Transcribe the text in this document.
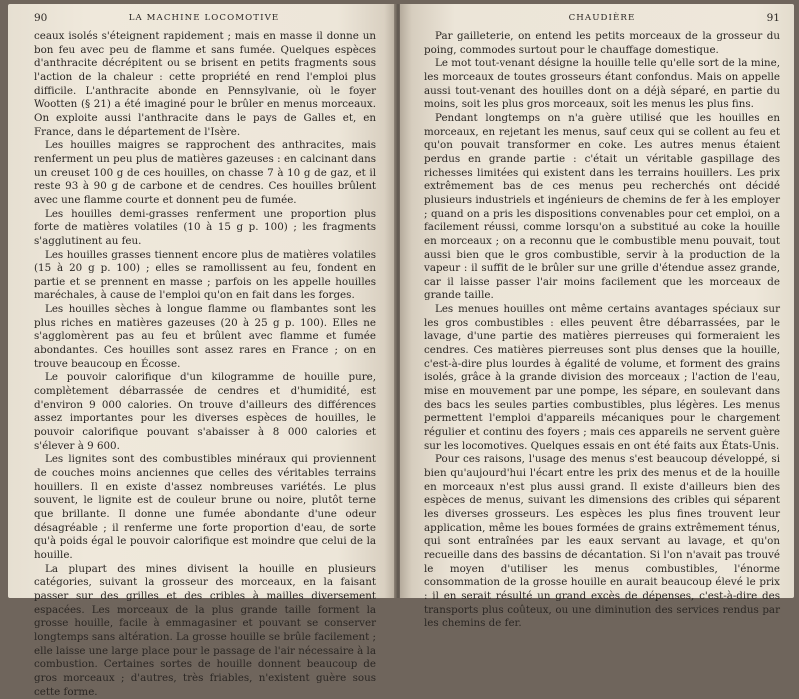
90	LA MACHINE LOCOMOTIVE

ceaux isolés s'éteignent rapidement ; mais en masse il donne un bon feu avec peu de flamme et sans fumée. Quelques espèces d'anthracite décrépitent ou se brisent en petits fragments sous l'action de la chaleur : cette propriété en rend l'emploi plus difficile. L'anthracite abonde en Pennsylvanie, où le foyer Wootten (§ 21) a été imaginé pour le brûler en menus morceaux. On exploite aussi l'anthracite dans le pays de Galles et, en France, dans le département de l'Isère.

Les houilles maigres se rapprochent des anthracites, mais renferment un peu plus de matières gazeuses : en calcinant dans un creuset 100 g de ces houilles, on chasse 7 à 10 g de gaz, et il reste 93 à 90 g de carbone et de cendres. Ces houilles brûlent avec une flamme courte et donnent peu de fumée.

Les houilles demi-grasses renferment une proportion plus forte de matières volatiles (10 à 15 g p. 100) ; les fragments s'agglutinent au feu.

Les houilles grasses tiennent encore plus de matières volatiles (15 à 20 g p. 100) ; elles se ramollissent au feu, fondent en partie et se prennent en masse ; parfois on les appelle houilles maréchales, à cause de l'emploi qu'on en fait dans les forges.

Les houilles sèches à longue flamme ou flambantes sont les plus riches en matières gazeuses (20 à 25 g p. 100). Elles ne s'agglomèrent pas au feu et brûlent avec flamme et fumée abondantes. Ces houilles sont assez rares en France ; on en trouve beaucoup en Écosse.

Le pouvoir calorifique d'un kilogramme de houille pure, complètement débarrassée de cendres et d'humidité, est d'environ 9 000 calories. On trouve d'ailleurs des différences assez importantes pour les diverses espèces de houilles, le pouvoir calorifique pouvant s'abaisser à 8 000 calories et s'élever à 9 600.

Les lignites sont des combustibles minéraux qui proviennent de couches moins anciennes que celles des véritables terrains houillers. Il en existe d'assez nombreuses variétés. Le plus souvent, le lignite est de couleur brune ou noire, plutôt terne que brillante. Il donne une fumée abondante d'une odeur désagréable ; il renferme une forte proportion d'eau, de sorte qu'à poids égal le pouvoir calorifique est moindre que celui de la houille.

La plupart des mines divisent la houille en plusieurs catégories, suivant la grosseur des morceaux, en la faisant passer sur des grilles et des cribles à mailles diversement espacées. Les morceaux de la plus grande taille forment la grosse houille, facile à emmagasiner et pouvant se conserver longtemps sans altération. La grosse houille se brûle facilement ; elle laisse une large place pour le passage de l'air nécessaire à la combustion. Certaines sortes de houille donnent beaucoup de gros morceaux ; d'autres, très friables, n'existent guère sous cette forme.

CHAUDIÈRE	91

Par gailleterie, on entend les petits morceaux de la grosseur du poing, commodes surtout pour le chauffage domestique.

Le mot tout-venant désigne la houille telle qu'elle sort de la mine, les morceaux de toutes grosseurs étant confondus. Mais on appelle aussi tout-venant des houilles dont on a déjà séparé, en partie du moins, soit les plus gros morceaux, soit les menus les plus fins.

Pendant longtemps on n'a guère utilisé que les houilles en morceaux, en rejetant les menus, sauf ceux qui se collent au feu et qu'on pouvait transformer en coke. Les autres menus étaient perdus en grande partie : c'était un véritable gaspillage des richesses limitées qui existent dans les terrains houillers. Les prix extrêmement bas de ces menus peu recherchés ont décidé plusieurs industriels et ingénieurs de chemins de fer à les employer ; quand on a pris les dispositions convenables pour cet emploi, on a facilement réussi, comme lorsqu'on a substitué au coke la houille en morceaux ; on a reconnu que le combustible menu pouvait, tout aussi bien que le gros combustible, servir à la production de la vapeur : il suffit de le brûler sur une grille d'étendue assez grande, car il laisse passer l'air moins facilement que les morceaux de grande taille.

Les menues houilles ont même certains avantages spéciaux sur les gros combustibles : elles peuvent être débarrassées, par le lavage, d'une partie des matières pierreuses qui formeraient les cendres. Ces matières pierreuses sont plus denses que la houille, c'est-à-dire plus lourdes à égalité de volume, et forment des grains isolés, grâce à la grande division des morceaux ; l'action de l'eau, mise en mouvement par une pompe, les sépare, en soulevant dans des bacs les seules parties combustibles, plus légères. Les menus permettent l'emploi d'appareils mécaniques pour le chargement régulier et continu des foyers ; mais ces appareils ne servent guère sur les locomotives. Quelques essais en ont été faits aux États-Unis.

Pour ces raisons, l'usage des menus s'est beaucoup développé, si bien qu'aujourd'hui l'écart entre les prix des menus et de la houille en morceaux n'est plus aussi grand. Il existe d'ailleurs bien des espèces de menus, suivant les dimensions des cribles qui séparent les diverses grosseurs. Les espèces les plus fines trouvent leur application, même les boues formées de grains extrêmement ténus, qui sont entraînées par les eaux servant au lavage, et qu'on recueille dans des bassins de décantation. Si l'on n'avait pas trouvé le moyen d'utiliser les menus combustibles, l'énorme consommation de la grosse houille en aurait beaucoup élevé le prix : il en serait résulté un grand excès de dépenses, c'est-à-dire des transports plus coûteux, ou une diminution des services rendus par les chemins de fer.
